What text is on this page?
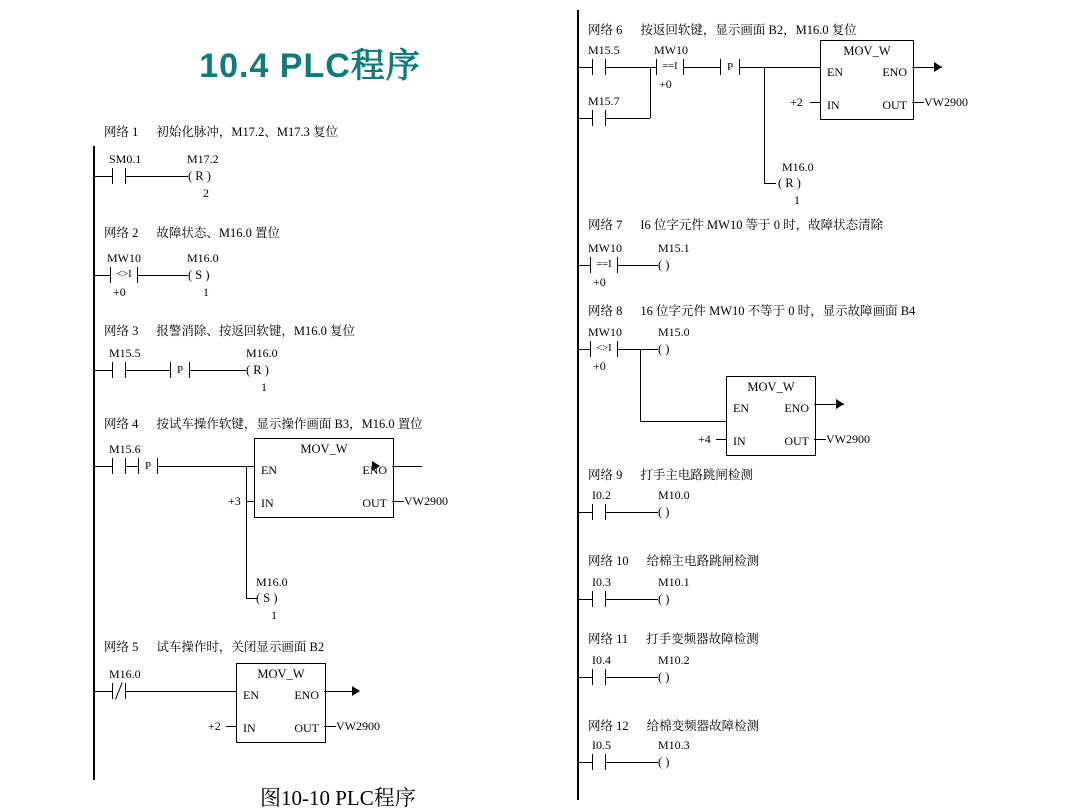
10.4 PLC程序
网络 1 初始化脉冲，M17.2、M17.3 复位
SM0.1	M17.2
( R )
2
网络 2 故障状态、M16.0 置位
MW10	M16.0
<>I
+0
( S )
1
网络 3 报警消除、按返回软键，M16.0 复位
M15.5	M16.0
P	( R )
1
网络 4 按试车操作软键，显示操作画面 B3，M16.0 置位
M15.6
P
MOV_W
EN	ENO
IN	OUT
+3	VW2900
M16.0
( S )
1
网络 5 试车操作时，关闭显示画面 B2
M16.0	MOV_W
EN	ENO
IN	OUT
+2	VW2900
网络 6 按返回软键，显示画面 B2，M16.0 复位
M15.5	MW10
==I
+0
P
M15.7
MOV_W
EN	ENO
IN	OUT
+2	VW2900
M16.0
( R )
1
网络 7 I6 位字元件 MW10 等于 0 时，故障状态清除
MW10	M15.1
==I
+0
( )
网络 8 16 位字元件 MW10 不等于 0 时，显示故障画面 B4
MW10	M15.0
<>I
+0
( )
MOV_W
EN	ENO
IN	OUT
+4	VW2900
网络 9 打手主电路跳闸检测
I0.2	M10.0
( )
网络 10 给棉主电路跳闸检测
I0.3	M10.1
( )
网络 11 打手变频器故障检测
I0.4	M10.2
( )
网络 12 给棉变频器故障检测
I0.5	M10.3
( )
图10-10 PLC程序
